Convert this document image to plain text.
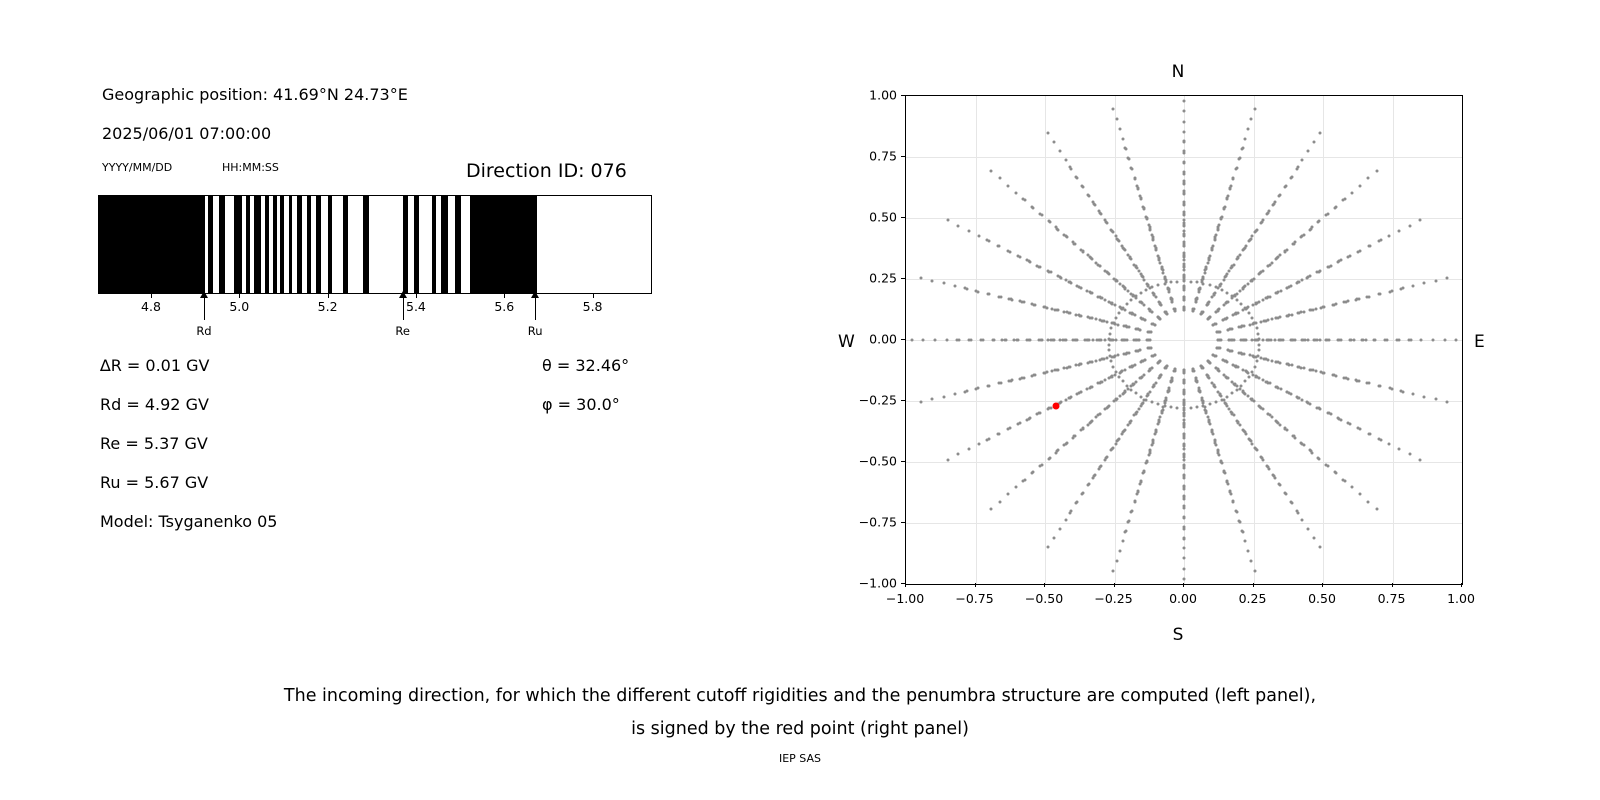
Geographic position: 41.69°N 24.73°E
2025/06/01 07:00:00
YYYY/MM/DD	HH:MM:SS	Direction ID: 076
4.8	5.0	5.2	5.4	5.6	5.8
Rd	Re	Ru
∆R = 0.01 GV
Rd = 4.92 GV
Re = 5.37 GV
Ru = 5.67 GV
Model: Tsyganenko 05
θ = 32.46°
φ = 30.0°
N
S
W	E
−1.00 −0.75 −0.50 −0.25	0.00	0.25	0.50	0.75	1.00
−1.00
−0.75
−0.50
−0.25
0.00
0.25
0.50
0.75
1.00
The incoming direction, for which the different cutoff rigidities and the penumbra structure are computed (left panel),
is signed by the red point (right panel)
IEP SAS
